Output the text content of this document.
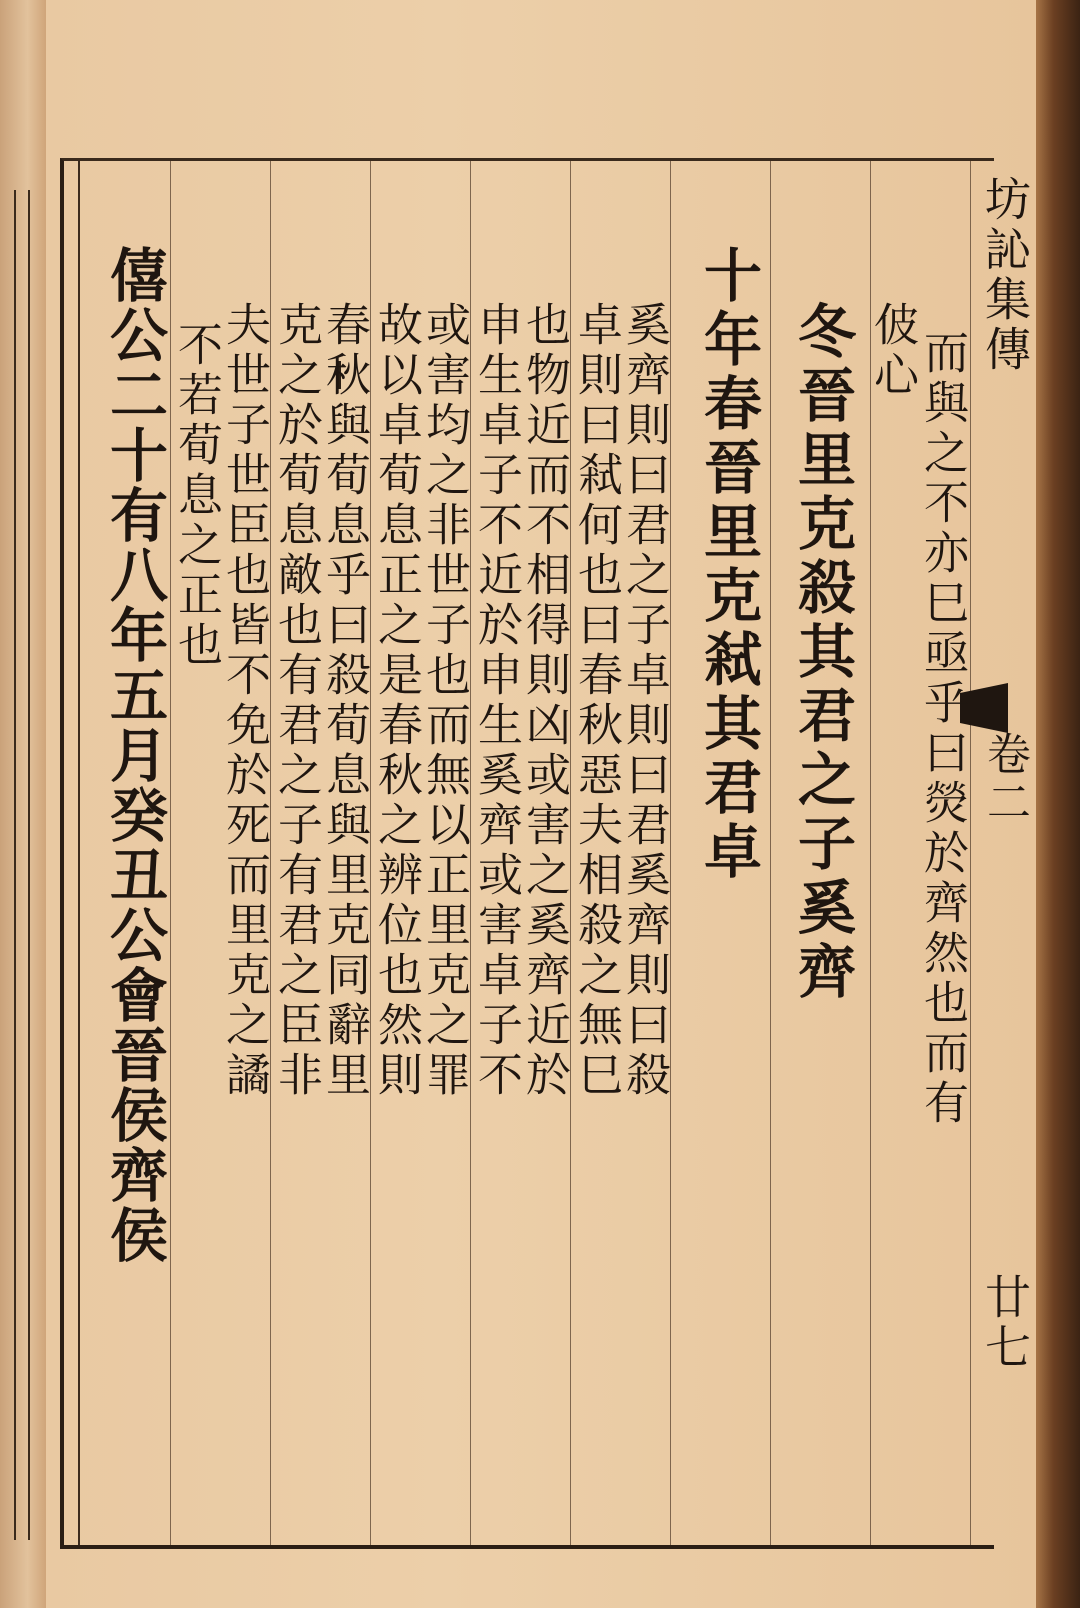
坊訫集傳
卷二
廿七
而與之不亦巳亟乎曰熒於齊然也而有
佊心
冬晉里克殺其君之子奚齊
十年春晉里克弒其君卓
奚齊則曰君之子卓則曰君奚齊則曰殺
卓則曰弒何也曰春秋惡夫相殺之無巳
也物近而不相得則凶或害之奚齊近於
申生卓子不近於申生奚齊或害卓子不
或害均之非世子也而無以正里克之罪
故以卓荀息正之是春秋之辨位也然則
春秋與荀息乎曰殺荀息與里克同辭里
克之於荀息敵也有君之子有君之臣非
夫世子世臣也皆不免於死而里克之譎
不若荀息之正也
僖公二十有八年五月癸丑公會晉侯齊侯
